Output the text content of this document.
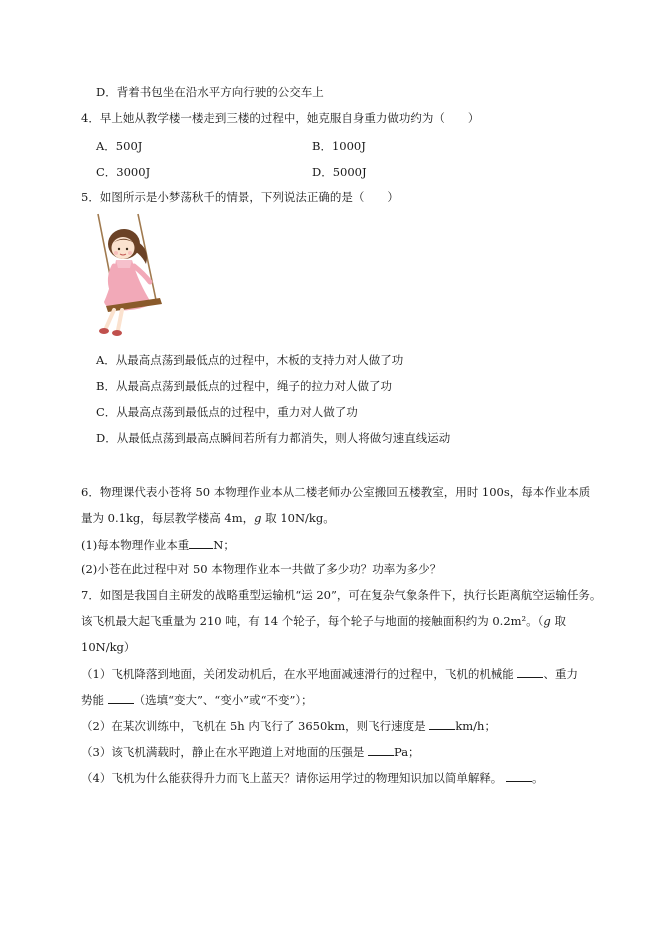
D．背着书包坐在沿水平方向行驶的公交车上
4．早上她从教学楼一楼走到三楼的过程中，她克服自身重力做功约为（　　）
A．500J	B．1000J
C．3000J	D．5000J
5．如图所示是小梦荡秋千的情景，下列说法正确的是（　　）
A．从最高点荡到最低点的过程中，木板的支持力对人做了功
B．从最高点荡到最低点的过程中，绳子的拉力对人做了功
C．从最高点荡到最低点的过程中，重力对人做了功
D．从最低点荡到最高点瞬间若所有力都消失，则人将做匀速直线运动
6．物理课代表小苍将 50 本物理作业本从二楼老师办公室搬回五楼教室，用时 100s，每本作业本质
量为 0.1kg，每层教学楼高 4m，g 取 10N/kg。
(1)每本物理作业本重 N；
(2)小苍在此过程中对 50 本物理作业本一共做了多少功？功率为多少？
7．如图是我国自主研发的战略重型运输机“运 20”，可在复杂气象条件下，执行长距离航空运输任务。
该飞机最大起飞重量为 210 吨，有 14 个轮子，每个轮子与地面的接触面积约为 0.2m²。（g 取
10N/kg）
（1）飞机降落到地面，关闭发动机后，在水平地面减速滑行的过程中，飞机的机械能 、重力
势能 （选填“变大”、“变小”或“不变”）；
（2）在某次训练中，飞机在 5h 内飞行了 3650km，则飞行速度是 km/h；
（3）该飞机满载时，静止在水平跑道上对地面的压强是 Pa；
（4）飞机为什么能获得升力而飞上蓝天？请你运用学过的物理知识加以简单解释。 。
